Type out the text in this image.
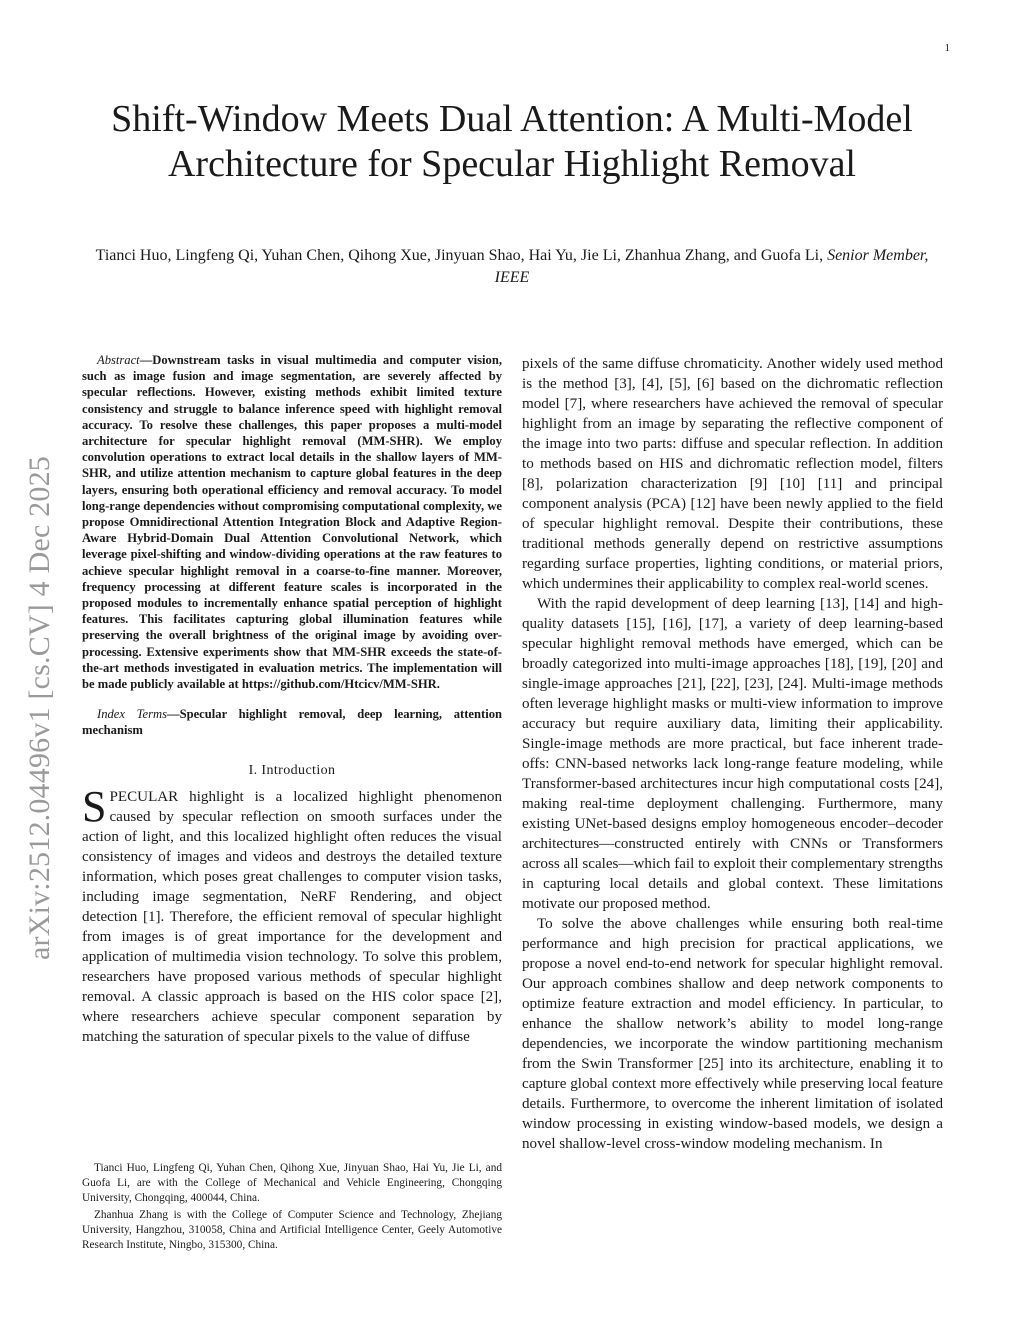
1
arXiv:2512.04496v1 [cs.CV] 4 Dec 2025
Shift-Window Meets Dual Attention: A Multi-Model Architecture for Specular Highlight Removal
Tianci Huo, Lingfeng Qi, Yuhan Chen, Qihong Xue, Jinyuan Shao, Hai Yu, Jie Li, Zhanhua Zhang, and Guofa Li, Senior Member, IEEE

Abstract—Downstream tasks in visual multimedia and computer vision, such as image fusion and image segmentation, are severely affected by specular reflections. However, existing methods exhibit limited texture consistency and struggle to balance inference speed with highlight removal accuracy. To resolve these challenges, this paper proposes a multi-model architecture for specular highlight removal (MM-SHR). We employ convolution operations to extract local details in the shallow layers of MM-SHR, and utilize attention mechanism to capture global features in the deep layers, ensuring both operational efficiency and removal accuracy. To model long-range dependencies without compromising computational complexity, we propose Omnidirectional Attention Integration Block and Adaptive Region-Aware Hybrid-Domain Dual Attention Convolutional Network, which leverage pixel-shifting and window-dividing operations at the raw features to achieve specular highlight removal in a coarse-to-fine manner. Moreover, frequency processing at different feature scales is incorporated in the proposed modules to incrementally enhance spatial perception of highlight features. This facilitates capturing global illumination features while preserving the overall brightness of the original image by avoiding over-processing. Extensive experiments show that MM-SHR exceeds the state-of-the-art methods investigated in evaluation metrics. The implementation will be made publicly available at https://github.com/Htcicv/MM-SHR.

Index Terms—Specular highlight removal, deep learning, attention mechanism

I. Introduction

SPECULAR highlight is a localized highlight phenomenon caused by specular reflection on smooth surfaces under the action of light, and this localized highlight often reduces the visual consistency of images and videos and destroys the detailed texture information, which poses great challenges to computer vision tasks, including image segmentation, NeRF Rendering, and object detection [1]. Therefore, the efficient removal of specular highlight from images is of great importance for the development and application of multimedia vision technology. To solve this problem, researchers have proposed various methods of specular highlight removal. A classic approach is based on the HIS color space [2], where researchers achieve specular component separation by matching the saturation of specular pixels to the value of diffuse

Tianci Huo, Lingfeng Qi, Yuhan Chen, Qihong Xue, Jinyuan Shao, Hai Yu, Jie Li, and Guofa Li, are with the College of Mechanical and Vehicle Engineering, Chongqing University, Chongqing, 400044, China.

Zhanhua Zhang is with the College of Computer Science and Technology, Zhejiang University, Hangzhou, 310058, China and Artificial Intelligence Center, Geely Automotive Research Institute, Ningbo, 315300, China.

pixels of the same diffuse chromaticity. Another widely used method is the method [3], [4], [5], [6] based on the dichromatic reflection model [7], where researchers have achieved the removal of specular highlight from an image by separating the reflective component of the image into two parts: diffuse and specular reflection. In addition to methods based on HIS and dichromatic reflection model, filters [8], polarization characterization [9] [10] [11] and principal component analysis (PCA) [12] have been newly applied to the field of specular highlight removal. Despite their contributions, these traditional methods generally depend on restrictive assumptions regarding surface properties, lighting conditions, or material priors, which undermines their applicability to complex real-world scenes.

With the rapid development of deep learning [13], [14] and high-quality datasets [15], [16], [17], a variety of deep learning-based specular highlight removal methods have emerged, which can be broadly categorized into multi-image approaches [18], [19], [20] and single-image approaches [21], [22], [23], [24]. Multi-image methods often leverage highlight masks or multi-view information to improve accuracy but require auxiliary data, limiting their applicability. Single-image methods are more practical, but face inherent trade-offs: CNN-based networks lack long-range feature modeling, while Transformer-based architectures incur high computational costs [24], making real-time deployment challenging. Furthermore, many existing UNet-based designs employ homogeneous encoder–decoder architectures—constructed entirely with CNNs or Transformers across all scales—which fail to exploit their complementary strengths in capturing local details and global context. These limitations motivate our proposed method.

To solve the above challenges while ensuring both real-time performance and high precision for practical applications, we propose a novel end-to-end network for specular highlight removal. Our approach combines shallow and deep network components to optimize feature extraction and model efficiency. In particular, to enhance the shallow network’s ability to model long-range dependencies, we incorporate the window partitioning mechanism from the Swin Transformer [25] into its architecture, enabling it to capture global context more effectively while preserving local feature details. Furthermore, to overcome the inherent limitation of isolated window processing in existing window-based models, we design a novel shallow-level cross-window modeling mechanism. In
